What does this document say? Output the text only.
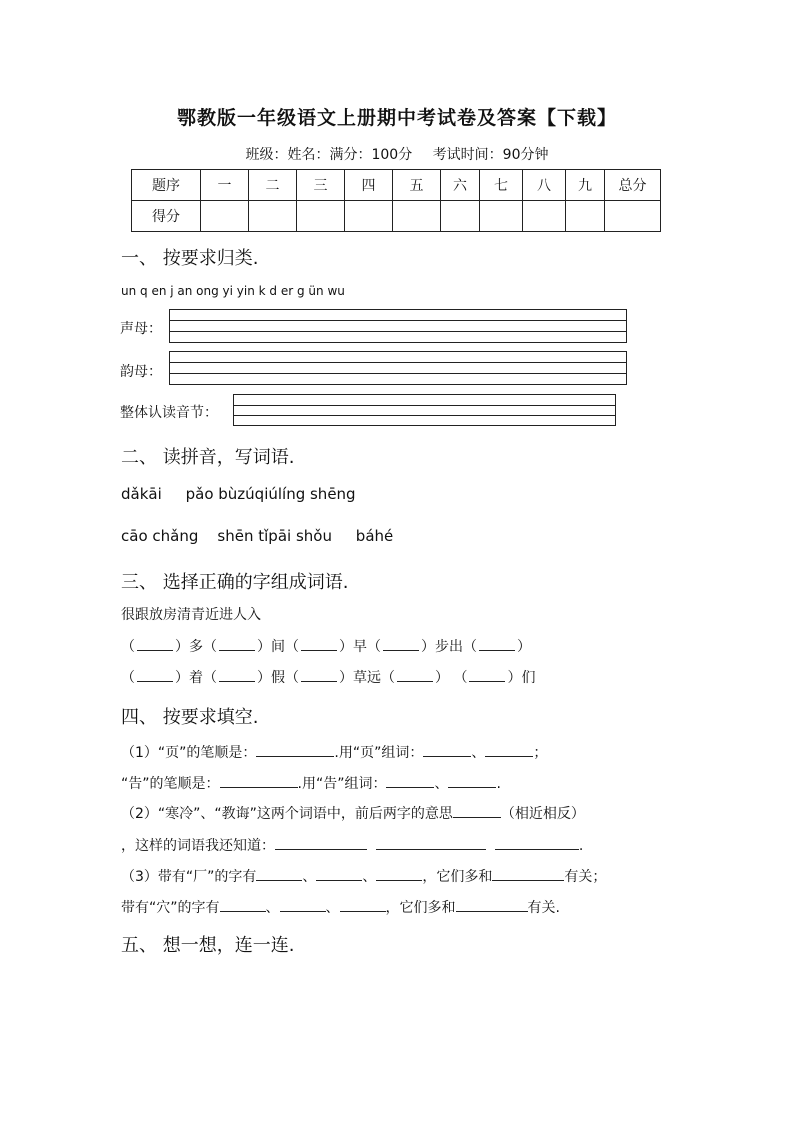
鄂教版一年级语文上册期中考试卷及答案【下载】
班级：姓名：满分：100分 考试时间：90分钟
题序	一	二	三	四	五	六	七	八	九	总分
得分										
一、 按要求归类.
un q en j an ong yi yin k d er g ün wu
声母：
韵母：
整体认读音节：
二、 读拼音，写词语.
dǎkāi     pǎo bùzúqiúlíng shēng
cāo chǎng    shēn tǐpāi shǒu     báhé
三、 选择正确的字组成词语.
很跟放房清青近进人入
（	）多（	）间（	）早（	）步出（	）
（	）着（	）假（	）草远（	） （	）们
四、 按要求填空.
（1）“页”的笔顺是：	.用“页”组词：	、	；
“告”的笔顺是：	.用“告”组词：	、	.
（2）“寒冷”、“教诲”这两个词语中，前后两字的意思	（相近相反）
，这样的词语我还知道：	.
（3）带有“厂”的字有	、	、	，它们多和	有关；
带有“穴”的字有	、	、	，它们多和	有关.
五、 想一想，连一连.
